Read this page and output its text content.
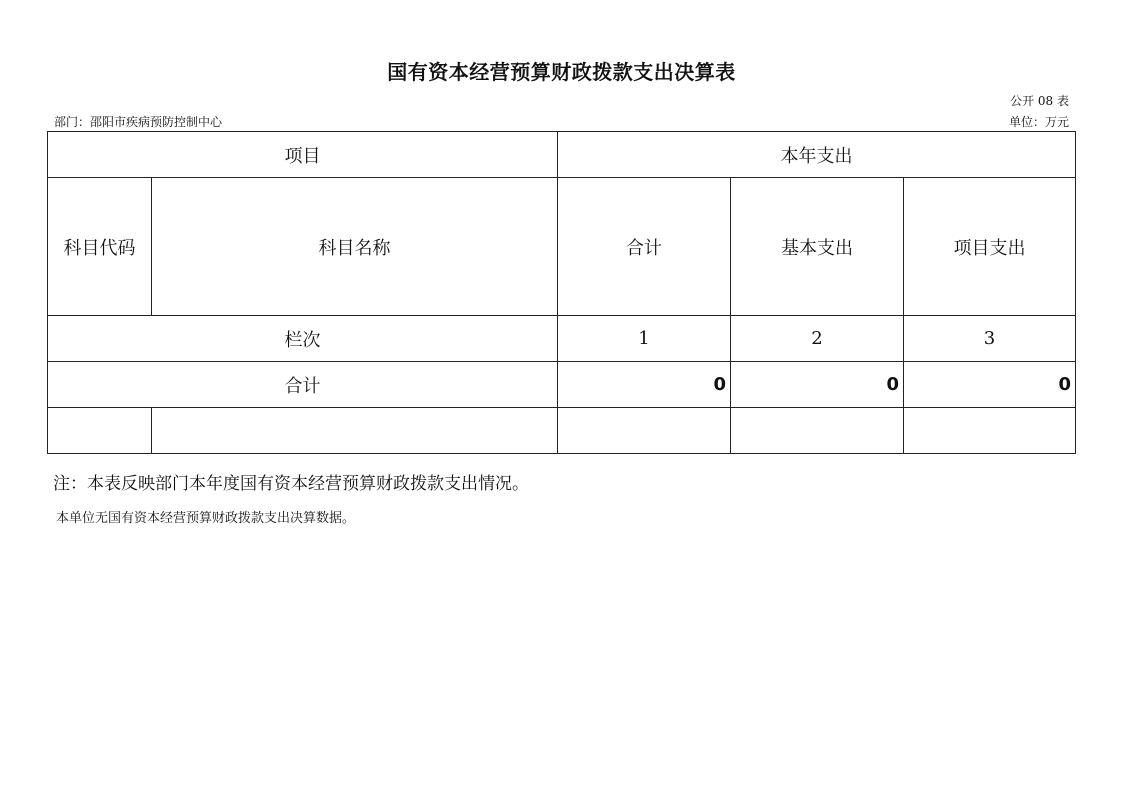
国有资本经营预算财政拨款支出决算表
公开 08 表
部门：邵阳市疾病预防控制中心	单位：万元
项目		本年支出		
科目代码	科目名称	合计	基本支出	项目支出
栏次		1	2	3
合计		0	0	0

注：本表反映部门本年度国有资本经营预算财政拨款支出情况。
本单位无国有资本经营预算财政拨款支出决算数据。
